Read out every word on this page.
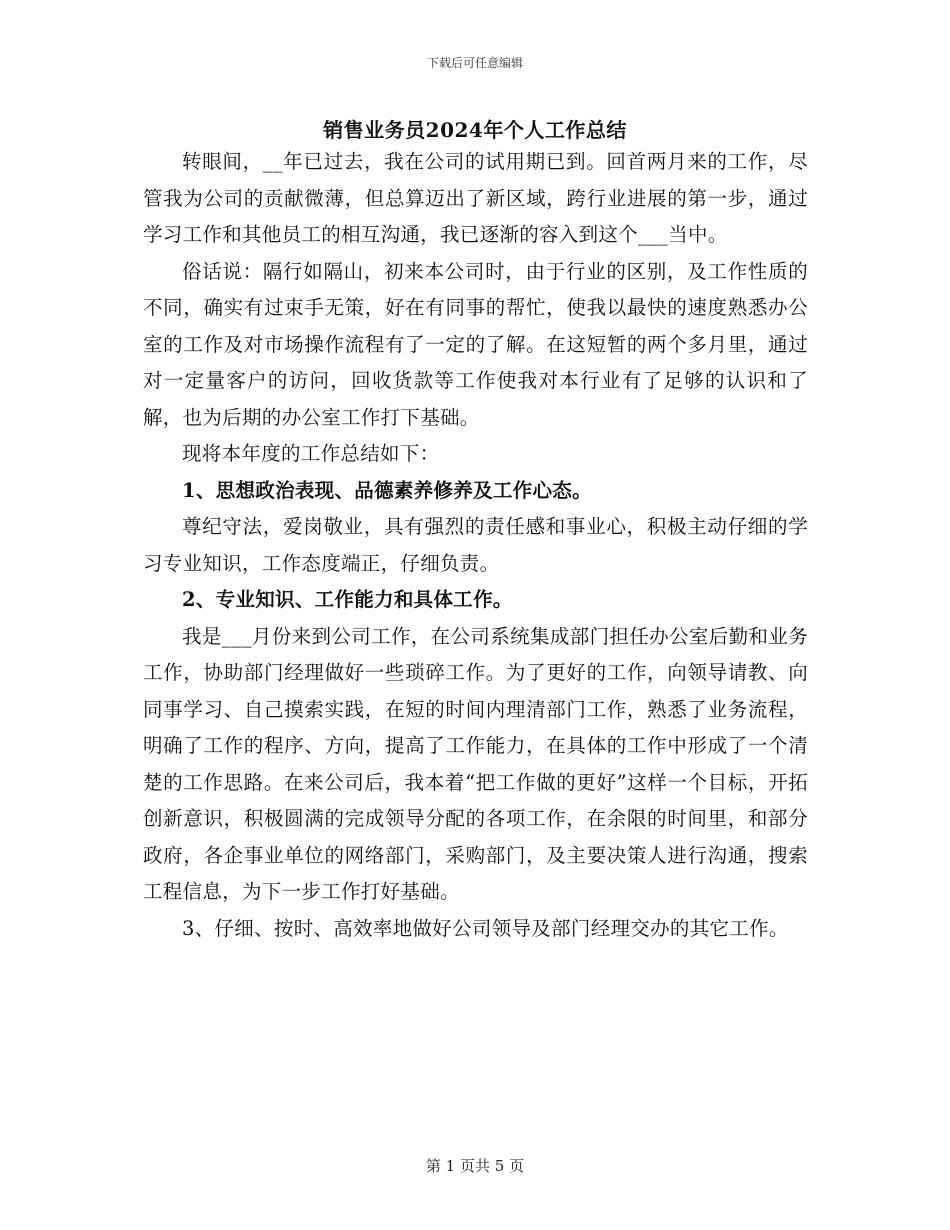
下载后可任意编辑
销售业务员2024年个人工作总结

转眼间，__年已过去，我在公司的试用期已到。回首两月来的工作，尽管我为公司的贡献微薄，但总算迈出了新区域，跨行业进展的第一步，通过学习工作和其他员工的相互沟通，我已逐渐的容入到这个___当中。

俗话说：隔行如隔山，初来本公司时，由于行业的区别，及工作性质的不同，确实有过束手无策，好在有同事的帮忙，使我以最快的速度熟悉办公室的工作及对市场操作流程有了一定的了解。在这短暂的两个多月里，通过对一定量客户的访问，回收货款等工作使我对本行业有了足够的认识和了解，也为后期的办公室工作打下基础。

现将本年度的工作总结如下：

1、思想政治表现、品德素养修养及工作心态。

尊纪守法，爱岗敬业，具有强烈的责任感和事业心，积极主动仔细的学习专业知识，工作态度端正，仔细负责。

2、专业知识、工作能力和具体工作。

我是___月份来到公司工作，在公司系统集成部门担任办公室后勤和业务工作，协助部门经理做好一些琐碎工作。为了更好的工作，向领导请教、向同事学习、自己摸索实践，在短的时间内理清部门工作，熟悉了业务流程，明确了工作的程序、方向，提高了工作能力，在具体的工作中形成了一个清楚的工作思路。在来公司后，我本着“把工作做的更好”这样一个目标，开拓创新意识，积极圆满的完成领导分配的各项工作，在余限的时间里，和部分政府，各企事业单位的网络部门，采购部门，及主要决策人进行沟通，搜索工程信息，为下一步工作打好基础。

3、仔细、按时、高效率地做好公司领导及部门经理交办的其它工作。

第 1 页共 5 页
